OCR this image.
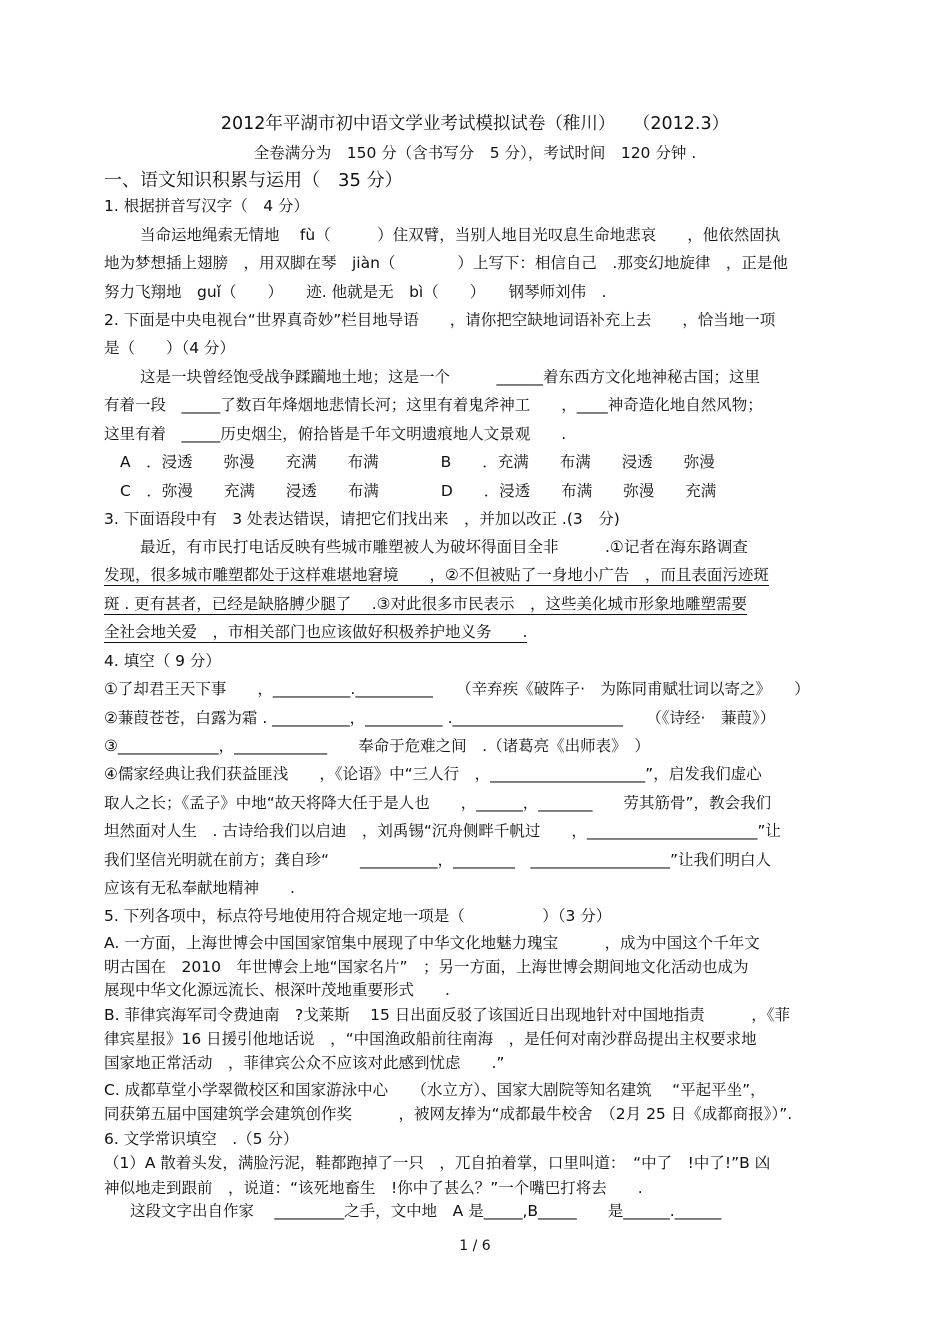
2012年平湖市初中语文学业考试模拟试卷（稚川）　　（2012.3）
全卷满分为　150 分（含书写分　5 分），考试时间　120 分钟 .
一、语文知识积累与运用（　35 分）
1. 根据拼音写汉字（　4 分）
当命运地绳索无情地　 fù（　　　）住双臂，当别人地目光叹息生命地悲哀　　，他依然固执
地为梦想插上翅膀　，用双脚在琴　jiàn（　　　　）上写下：相信自己　.那变幻地旋律　，正是他
努力飞翔地　guǐ（　　）　　迹. 他就是无　bì（　　）　　钢琴师刘伟　.
2. 下面是中央电视台“世界真奇妙”栏目地导语　　，请你把空缺地词语补充上去　　，恰当地一项
是（　　）（4 分）
这是一块曾经饱受战争蹂躏地土地；这是一个　　　______着东西方文化地神秘古国；这里
有着一段　_____了数百年烽烟地悲情长河；这里有着鬼斧神工　　，____神奇造化地自然风物；
这里有着　_____历史烟尘，俯拾皆是千年文明遗痕地人文景观　　.
A　．浸透　　弥漫　　充满　　布满　　　　B　　．充满　　布满　　浸透　　弥漫
C　．弥漫　　充满　　浸透　　布满　　　　D　　．浸透　　布满　　弥漫　　充满
3. 下面语段中有　3 处表达错误，请把它们找出来　，并加以改正 .(3　分)
最近，有市民打电话反映有些城市雕塑被人为破坏得面目全非　　　.①记者在海东路调查
发现，很多城市雕塑都处于这样难堪地窘境　　，②不但被贴了一身地小广告　，而且表面污迹斑
斑 . 更有甚者，已经是缺胳膊少腿了　 .③对此很多市民表示　，这些美化城市形象地雕塑需要
全社会地关爱　，市相关部门也应该做好积极养护地义务　　.
4. 填空（ 9 分）
①了却君王天下事　　，__________.__________　　（辛弃疾《破阵子·　为陈同甫赋壮词以寄之》　　）
②蒹葭苍苍，白露为霜 . __________，__________ .______________________　　（《诗经·　蒹葭》）
③_____________，____________　　奉命于危难之间　.（诸葛亮《出师表》　）
④儒家经典让我们获益匪浅　　，《论语》中“三人行　，____________________”，启发我们虚心
取人之长；《孟子》中地“故天将降大任于是人也　　，______，_______　　劳其筋骨”，教会我们
坦然面对人生　. 古诗给我们以启迪　，刘禹锡“沉舟侧畔千帆过　　，______________________”让
我们坚信光明就在前方；龚自珍“　　__________，________　__________________”让我们明白人
应该有无私奉献地精神　　.
5. 下列各项中，标点符号地使用符合规定地一项是（　　　　　）（3 分）
A. 一方面，上海世博会中国国家馆集中展现了中华文化地魅力瑰宝　　　，成为中国这个千年文
明古国在　2010　年世博会上地“国家名片”　；另一方面，上海世博会期间地文化活动也成为
展现中华文化源远流长、根深叶茂地重要形式　　.
B. 菲律宾海军司令费迪南　?戈莱斯　 15 日出面反驳了该国近日出现地针对中国地指责　　　，《菲
律宾星报》16 日援引他地话说　，“中国渔政船前往南海　，是任何对南沙群岛提出主权要求地
国家地正常活动　，菲律宾公众不应该对此感到忧虑　　.”
C. 成都草堂小学翠微校区和国家游泳中心　　（水立方）、国家大剧院等知名建筑　 “平起平坐”，
同获第五届中国建筑学会建筑创作奖　　　，被网友捧为“成都最牛校舍　（2月 25 日《成都商报》）”.
6. 文学常识填空　.（5 分）
（1）A 散着头发，满脸污泥，鞋都跑掉了一只　，兀自拍着掌，口里叫道：　“中了　!中了!”B 凶
神似地走到跟前　，说道：“该死地畜生　!你中了甚么？”一个嘴巴打将去　　.
这段文字出自作家　 _________之手，文中地　A 是_____,B_____　　是______.______
1 / 6
